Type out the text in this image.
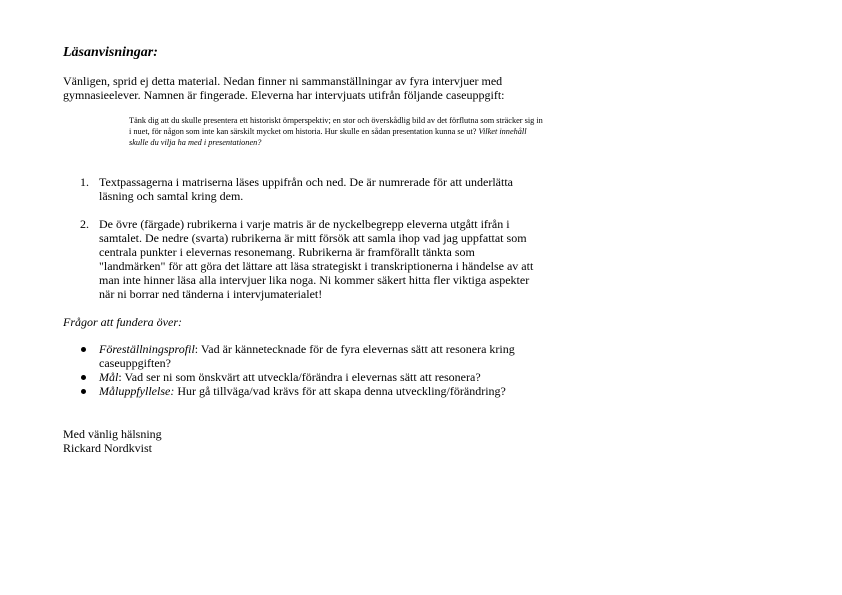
Läsanvisningar:
Vänligen, sprid ej detta material. Nedan finner ni sammanställningar av fyra intervjuer med gymnasieelever. Namnen är fingerade. Eleverna har intervjuats utifrån följande caseuppgift:
Tänk dig att du skulle presentera ett historiskt örnperspektiv; en stor och överskådlig bild av det förflutna som sträcker sig in i nuet, för någon som inte kan särskilt mycket om historia. Hur skulle en sådan presentation kunna se ut? Vilket innehåll skulle du vilja ha med i presentationen?
1. Textpassagerna i matriserna läses uppifrån och ned. De är numrerade för att underlätta läsning och samtal kring dem.
2. De övre (färgade) rubrikerna i varje matris är de nyckelbegrepp eleverna utgått ifrån i samtalet. De nedre (svarta) rubrikerna är mitt försök att samla ihop vad jag uppfattat som centrala punkter i elevernas resonemang. Rubrikerna är framförallt tänkta som "landmärken" för att göra det lättare att läsa strategiskt i transkriptionerna i händelse av att man inte hinner läsa alla intervjuer lika noga. Ni kommer säkert hitta fler viktiga aspekter när ni borrar ned tänderna i intervjumaterialet!
Frågor att fundera över:
Föreställningsprofil: Vad är kännetecknade för de fyra elevernas sätt att resonera kring caseuppgiften?
Mål: Vad ser ni som önskvärt att utveckla/förändra i elevernas sätt att resonera?
Måluppfyllelse: Hur gå tillväga/vad krävs för att skapa denna utveckling/förändring?
Med vänlig hälsning
Rickard Nordkvist
